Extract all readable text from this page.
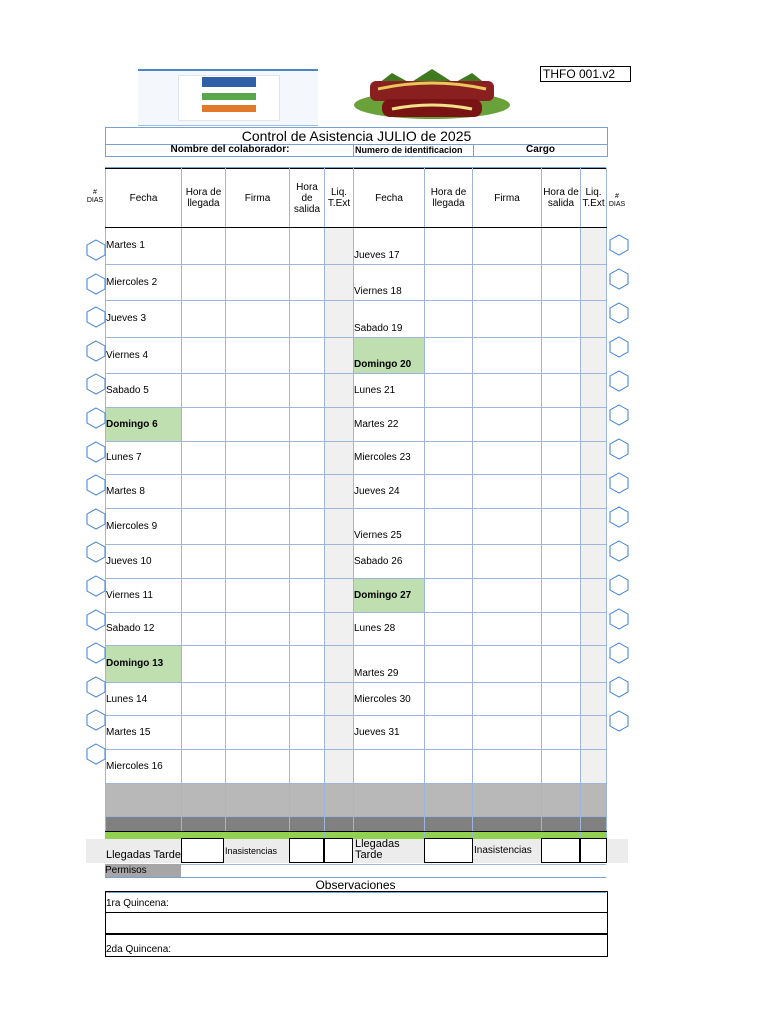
THFO 001.v2
Control de Asistencia JULIO de 2025
Nombre del colaborador:	Numero de identificacion	Cargo
# DIAS
# DIAS
Fecha	Hora de llegada	Firma	Hora de salida	Liq. T.Ext	Fecha	Hora de llegada	Firma	Hora de salida	Liq. T.Ext
Martes 1					Jueves 17				
Miercoles 2					Viernes 18				
Jueves 3					Sabado 19				
Viernes 4					Domingo 20				
Sabado 5					Lunes 21				
Domingo 6					Martes 22				
Lunes 7					Miercoles 23				
Martes 8					Jueves 24				
Miercoles 9					Viernes 25				
Jueves 10					Sabado 26				
Viernes 11					Domingo 27				
Sabado 12					Lunes 28				
Domingo 13					Martes 29				
Lunes 14					Miercoles 30				
Martes 15					Jueves 31				
Miercoles 16									

Llegadas Tarde	Inasistencias
Llegadas Tarde	Inasistencias
Permisos
Observaciones
1ra Quincena:
2da Quincena:
